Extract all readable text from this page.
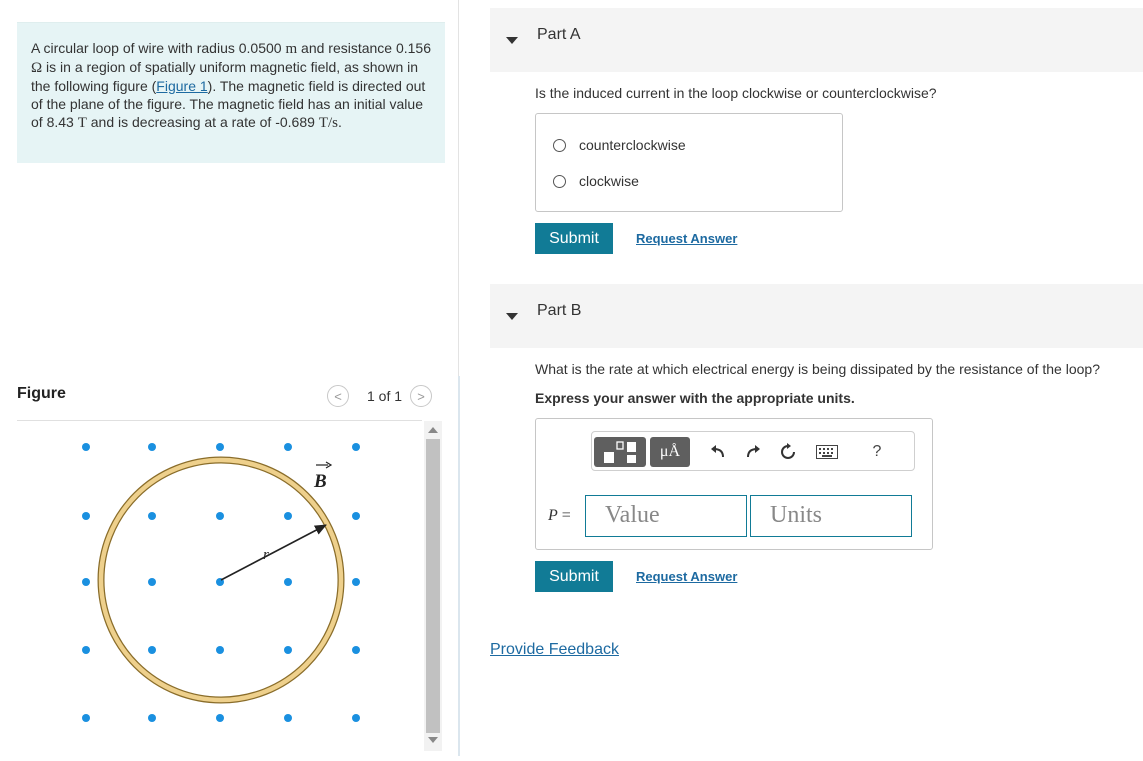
A circular loop of wire with radius 0.0500 m and resistance 0.156 Ω is in a region of spatially uniform magnetic field, as shown in the following figure (Figure 1). The magnetic field is directed out of the plane of the figure. The magnetic field has an initial value of 8.43 T and is decreasing at a rate of -0.689 T/s.

Figure	<	1 of 1	>
r
B
Part A
Is the induced current in the loop clockwise or counterclockwise?
counterclockwise
clockwise
Submit	Request Answer
Part B
What is the rate at which electrical energy is being dissipated by the resistance of the loop?
Express your answer with the appropriate units.
μÅ	?
P =	Value	Units
Submit	Request Answer
Provide Feedback
